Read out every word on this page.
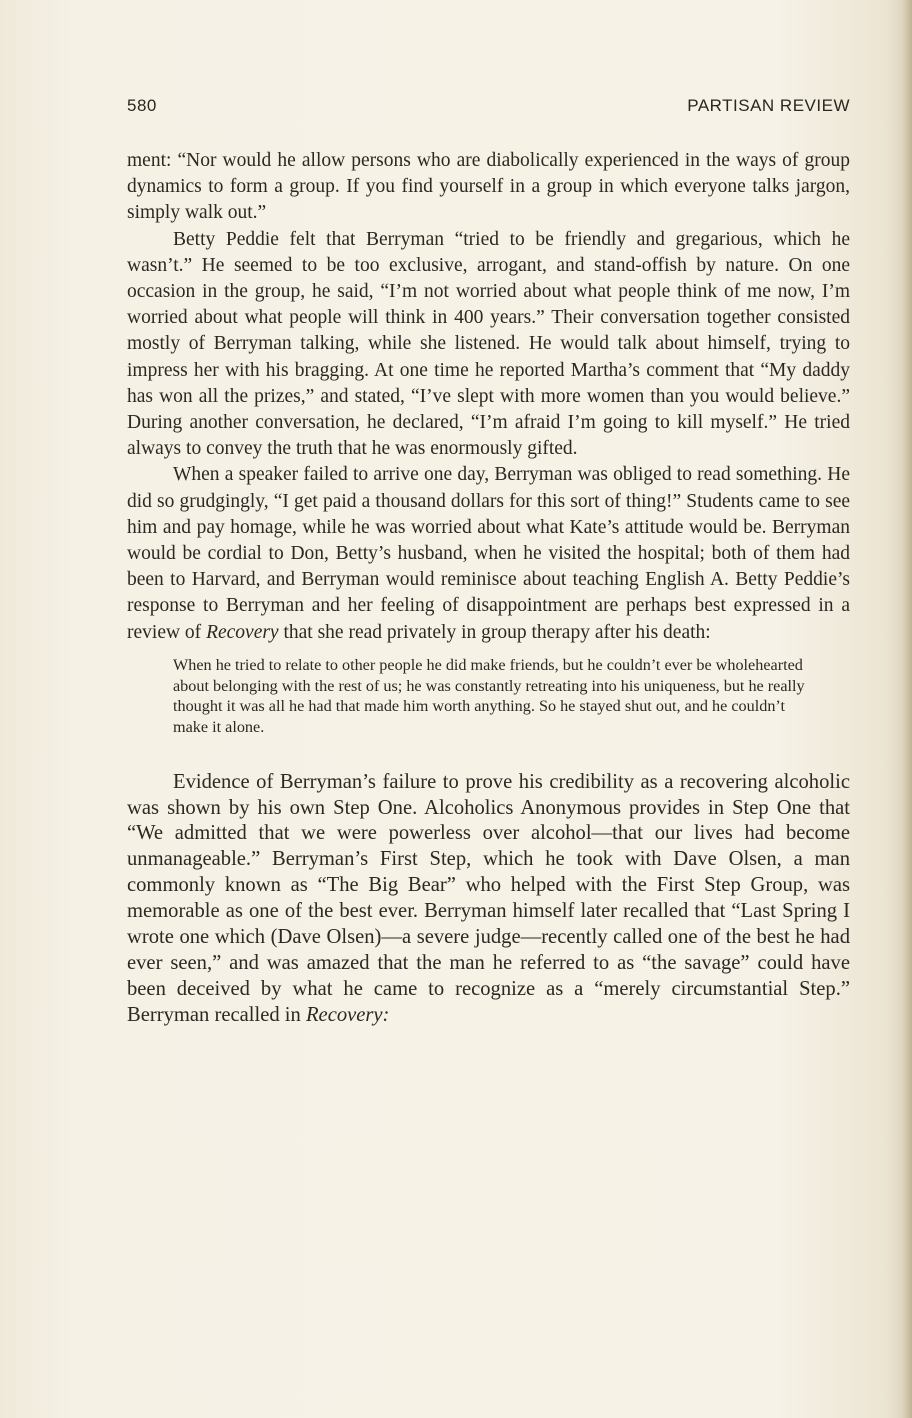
580	PARTISAN REVIEW

ment: “Nor would he allow persons who are diabolically experienced in the ways of group dynamics to form a group. If you find yourself in a group in which everyone talks jargon, simply walk out.”

Betty Peddie felt that Berryman “tried to be friendly and gregarious, which he wasn’t.” He seemed to be too exclusive, arrogant, and stand-offish by nature. On one occasion in the group, he said, “I’m not worried about what people think of me now, I’m worried about what people will think in 400 years.” Their conversation together consisted mostly of Berryman talking, while she listened. He would talk about himself, trying to impress her with his bragging. At one time he reported Martha’s comment that “My daddy has won all the prizes,” and stated, “I’ve slept with more women than you would believe.” During another conversation, he declared, “I’m afraid I’m going to kill myself.” He tried always to convey the truth that he was enormously gifted.

When a speaker failed to arrive one day, Berryman was obliged to read something. He did so grudgingly, “I get paid a thousand dollars for this sort of thing!” Students came to see him and pay homage, while he was worried about what Kate’s attitude would be. Berryman would be cordial to Don, Betty’s husband, when he visited the hospital; both of them had been to Harvard, and Berryman would reminisce about teaching English A. Betty Peddie’s response to Berryman and her feeling of disappointment are perhaps best expressed in a review of Recovery that she read privately in group therapy after his death:

When he tried to relate to other people he did make friends, but he couldn’t ever be wholehearted about belonging with the rest of us; he was constantly retreating into his uniqueness, but he really thought it was all he had that made him worth anything. So he stayed shut out, and he couldn’t make it alone.

Evidence of Berryman’s failure to prove his credibility as a recovering alcoholic was shown by his own Step One. Alcoholics Anonymous provides in Step One that “We admitted that we were powerless over alcohol—that our lives had become unmanageable.” Berryman’s First Step, which he took with Dave Olsen, a man commonly known as “The Big Bear” who helped with the First Step Group, was memorable as one of the best ever. Berryman himself later recalled that “Last Spring I wrote one which (Dave Olsen)—a severe judge—recently called one of the best he had ever seen,” and was amazed that the man he referred to as “the savage” could have been deceived by what he came to recognize as a “merely circumstantial Step.” Berryman recalled in Recovery:
